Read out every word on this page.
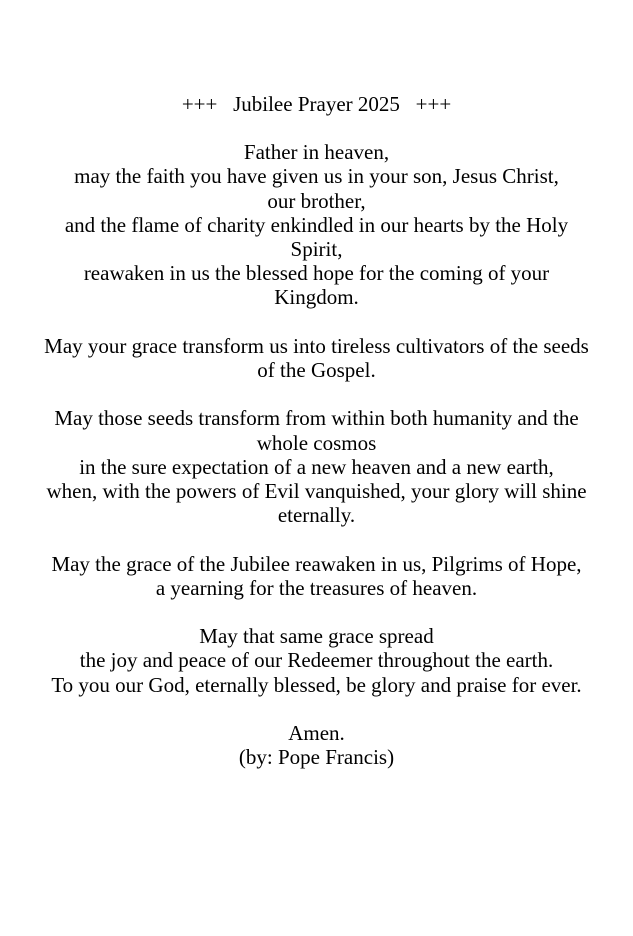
+++   Jubilee Prayer 2025   +++
Father in heaven,
may the faith you have given us in your son, Jesus Christ,
our brother,
and the flame of charity enkindled in our hearts by the Holy
Spirit,
reawaken in us the blessed hope for the coming of your
Kingdom.
May your grace transform us into tireless cultivators of the seeds
of the Gospel.
May those seeds transform from within both humanity and the
whole cosmos
in the sure expectation of a new heaven and a new earth,
when, with the powers of Evil vanquished, your glory will shine
eternally.
May the grace of the Jubilee reawaken in us, Pilgrims of Hope,
a yearning for the treasures of heaven.
May that same grace spread
the joy and peace of our Redeemer throughout the earth.
To you our God, eternally blessed, be glory and praise for ever.
Amen.
(by: Pope Francis)
